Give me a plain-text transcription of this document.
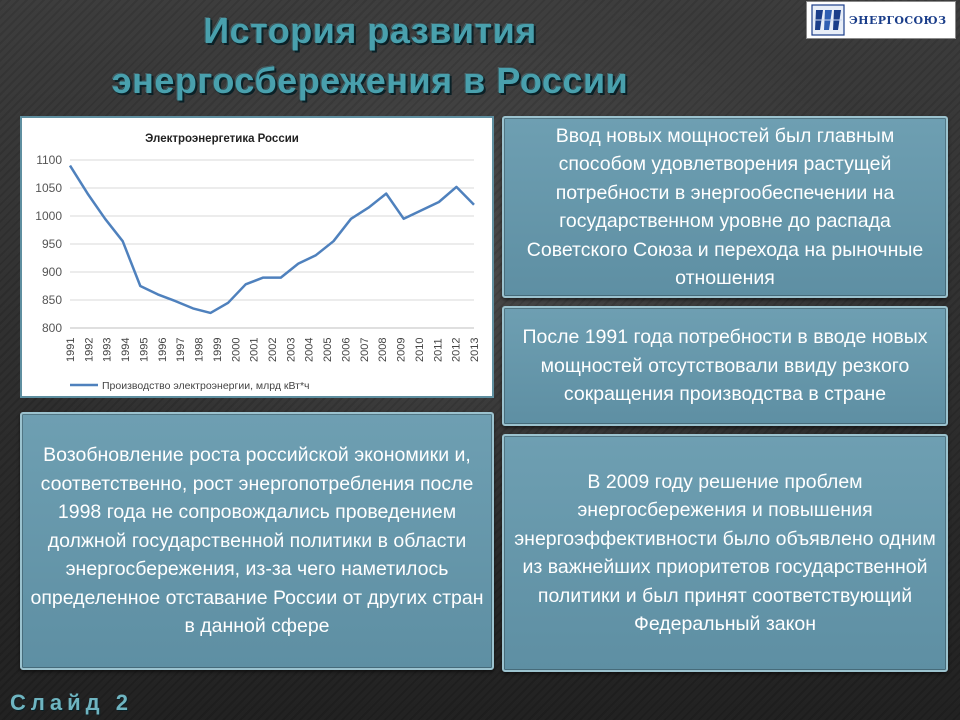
История развития
энергосбережения в России
ЭНЕРГОСОЮЗ
Электроэнергетика России
800
850
900
950
1000
1050
1100
1991 1992 1993 1994 1995 1996 1997 1998 1999 2000 2001 2002 2003 2004 2005 2006 2007 2008 2009 2010 2011 2012 2013
Производство электроэнергии, млрд кВт*ч
Ввод новых мощностей был главным способом удовлетворения растущей потребности в энергообеспечении на государственном уровне до распада Советского Союза и перехода на рыночные отношения
После 1991 года потребности в вводе новых мощностей отсутствовали ввиду резкого сокращения производства в стране
Возобновление роста российской экономики и, соответственно, рост энергопотребления после 1998 года не сопровождались проведением должной государственной политики в области энергосбережения, из-за чего наметилось определенное отставание России от других стран в данной сфере
В 2009 году решение проблем энергосбережения и повышения энергоэффективности было объявлено одним из важнейших приоритетов государственной политики и был принят соответствующий Федеральный закон
Слайд 2
